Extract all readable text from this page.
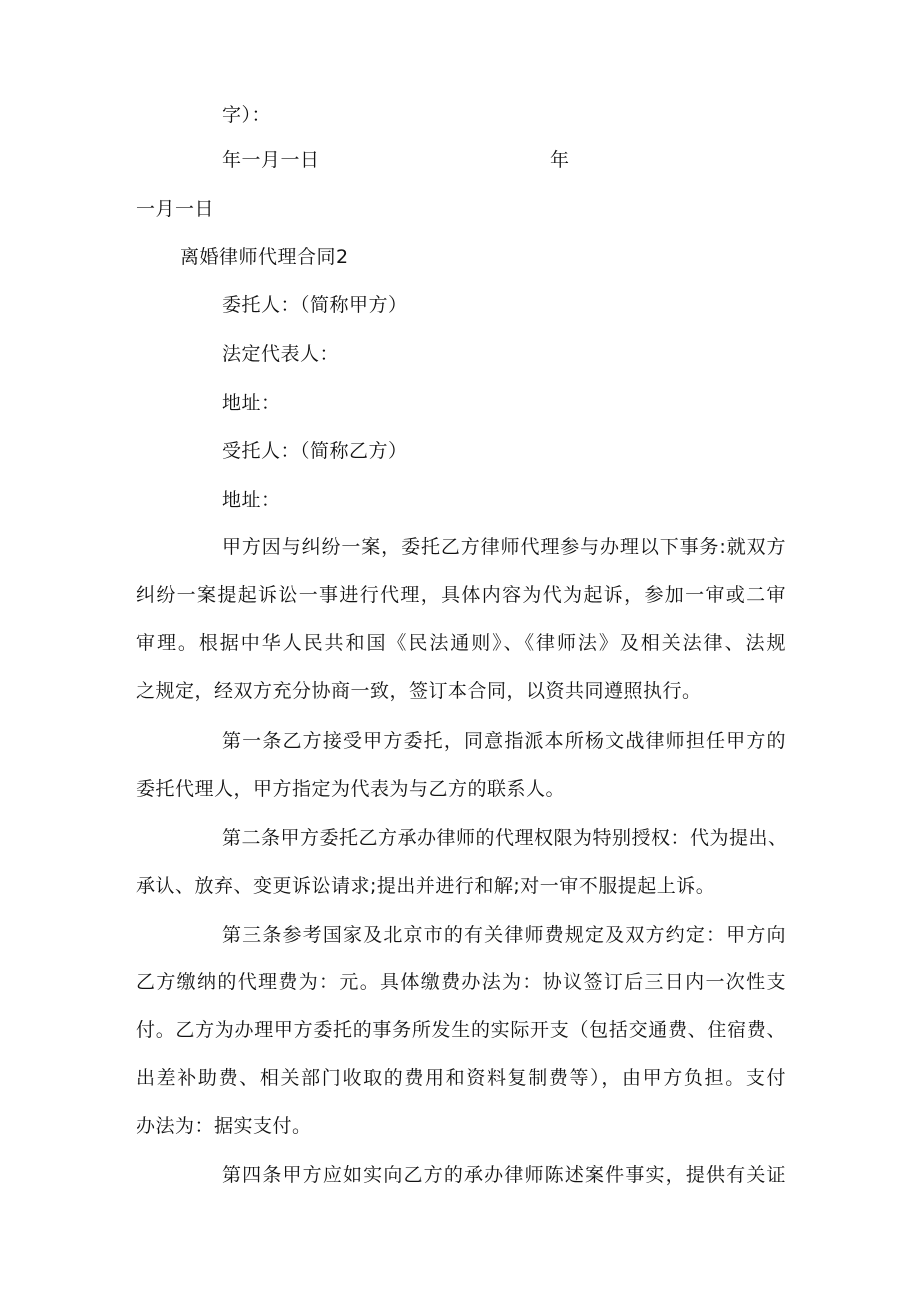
字）：
年一月一日	年
一月一日
离婚律师代理合同2
委托人：（简称甲方）
法定代表人：
地址：
受托人：（简称乙方）
地址：
甲方因与纠纷一案，委托乙方律师代理参与办理以下事务:就双方
纠纷一案提起诉讼一事进行代理，具体内容为代为起诉，参加一审或二审
审理。根据中华人民共和国《民法通则》、《律师法》及相关法律、法规
之规定，经双方充分协商一致，签订本合同，以资共同遵照执行。
第一条乙方接受甲方委托，同意指派本所杨文战律师担任甲方的
委托代理人，甲方指定为代表为与乙方的联系人。
第二条甲方委托乙方承办律师的代理权限为特别授权：代为提出、
承认、放弃、变更诉讼请求;提出并进行和解;对一审不服提起上诉。
第三条参考国家及北京市的有关律师费规定及双方约定：甲方向
乙方缴纳的代理费为：元。具体缴费办法为：协议签订后三日内一次性支
付。乙方为办理甲方委托的事务所发生的实际开支（包括交通费、住宿费、
出差补助费、相关部门收取的费用和资料复制费等），由甲方负担。支付
办法为：据实支付。
第四条甲方应如实向乙方的承办律师陈述案件事实，提供有关证
